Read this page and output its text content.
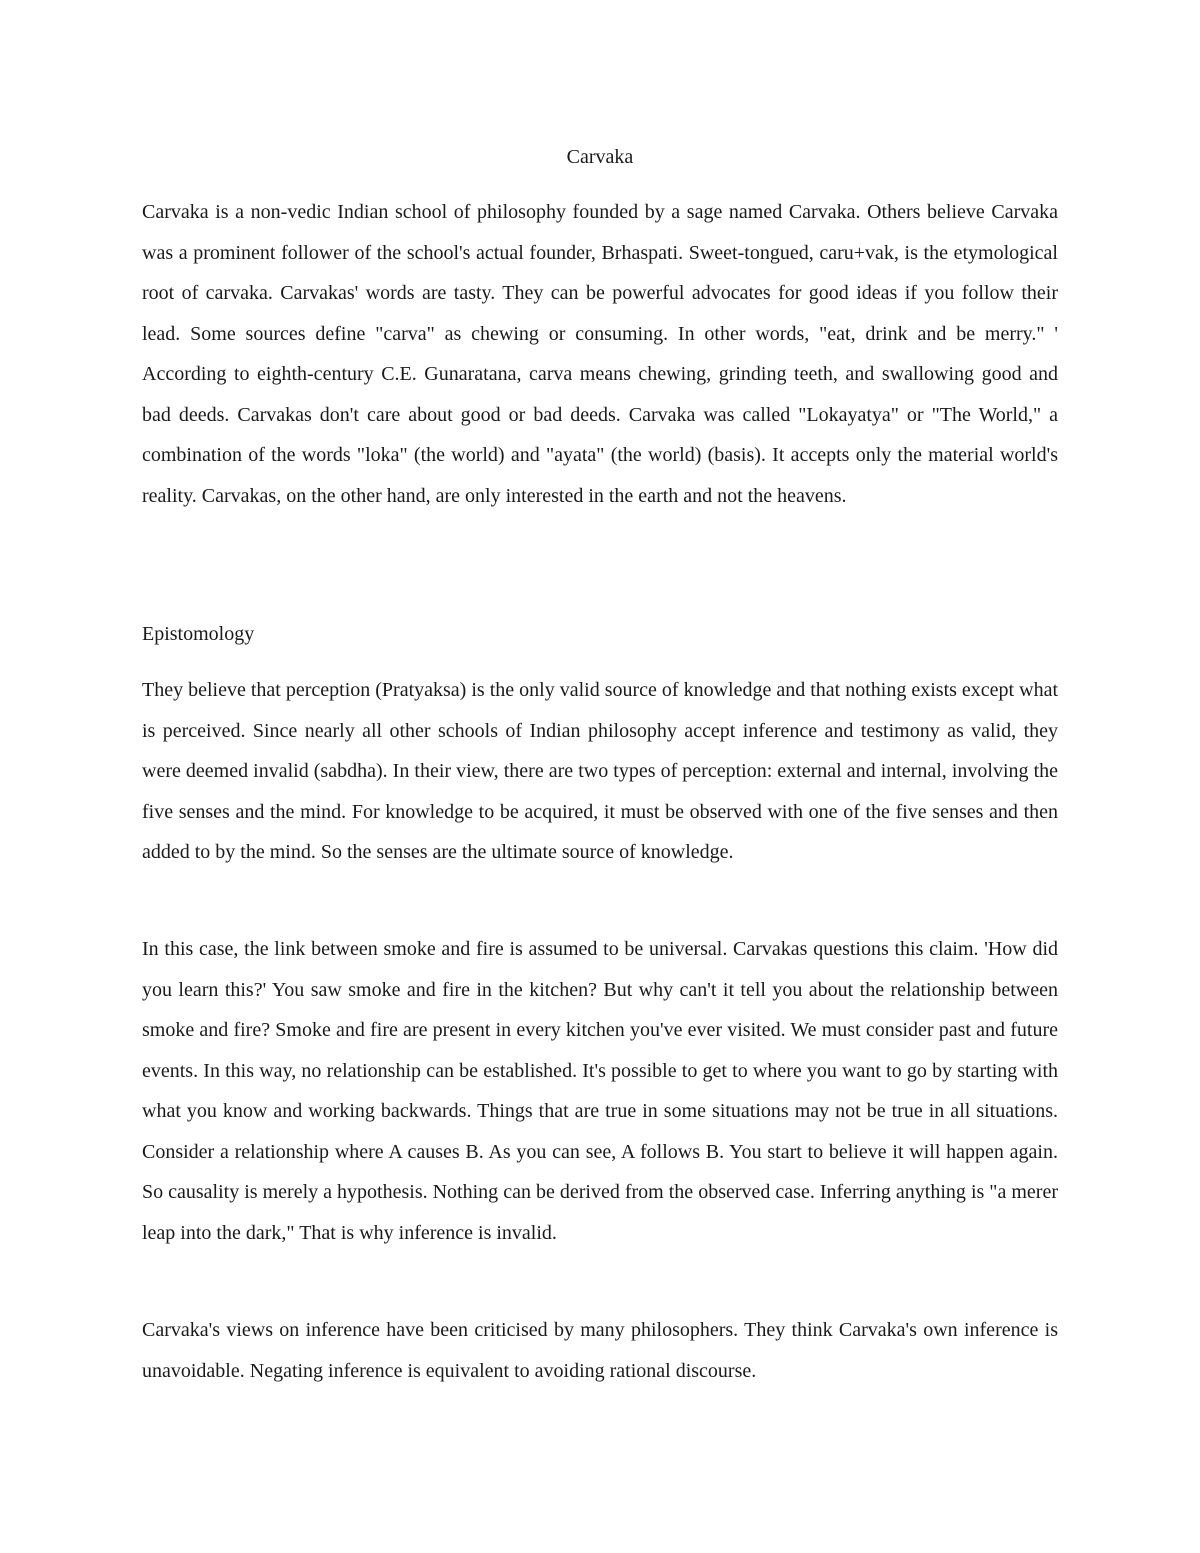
Carvaka

Carvaka is a non-vedic Indian school of philosophy founded by a sage named Carvaka. Others believe Carvaka was a prominent follower of the school's actual founder, Brhaspati. Sweet-tongued, caru+vak, is the etymological root of carvaka. Carvakas' words are tasty. They can be powerful advocates for good ideas if you follow their lead. Some sources define "carva" as chewing or consuming. In other words, "eat, drink and be merry." ' According to eighth-century C.E. Gunaratana, carva means chewing, grinding teeth, and swallowing good and bad deeds. Carvakas don't care about good or bad deeds. Carvaka was called "Lokayatya" or "The World," a combination of the words "loka" (the world) and "ayata" (the world) (basis). It accepts only the material world's reality. Carvakas, on the other hand, are only interested in the earth and not the heavens.

Epistomology

They believe that perception (Pratyaksa) is the only valid source of knowledge and that nothing exists except what is perceived. Since nearly all other schools of Indian philosophy accept inference and testimony as valid, they were deemed invalid (sabdha). In their view, there are two types of perception: external and internal, involving the five senses and the mind. For knowledge to be acquired, it must be observed with one of the five senses and then added to by the mind. So the senses are the ultimate source of knowledge.

In this case, the link between smoke and fire is assumed to be universal. Carvakas questions this claim. 'How did you learn this?' You saw smoke and fire in the kitchen? But why can't it tell you about the relationship between smoke and fire? Smoke and fire are present in every kitchen you've ever visited. We must consider past and future events. In this way, no relationship can be established. It's possible to get to where you want to go by starting with what you know and working backwards. Things that are true in some situations may not be true in all situations. Consider a relationship where A causes B. As you can see, A follows B. You start to believe it will happen again. So causality is merely a hypothesis. Nothing can be derived from the observed case. Inferring anything is "a merer leap into the dark," That is why inference is invalid.

Carvaka's views on inference have been criticised by many philosophers. They think Carvaka's own inference is unavoidable. Negating inference is equivalent to avoiding rational discourse.
